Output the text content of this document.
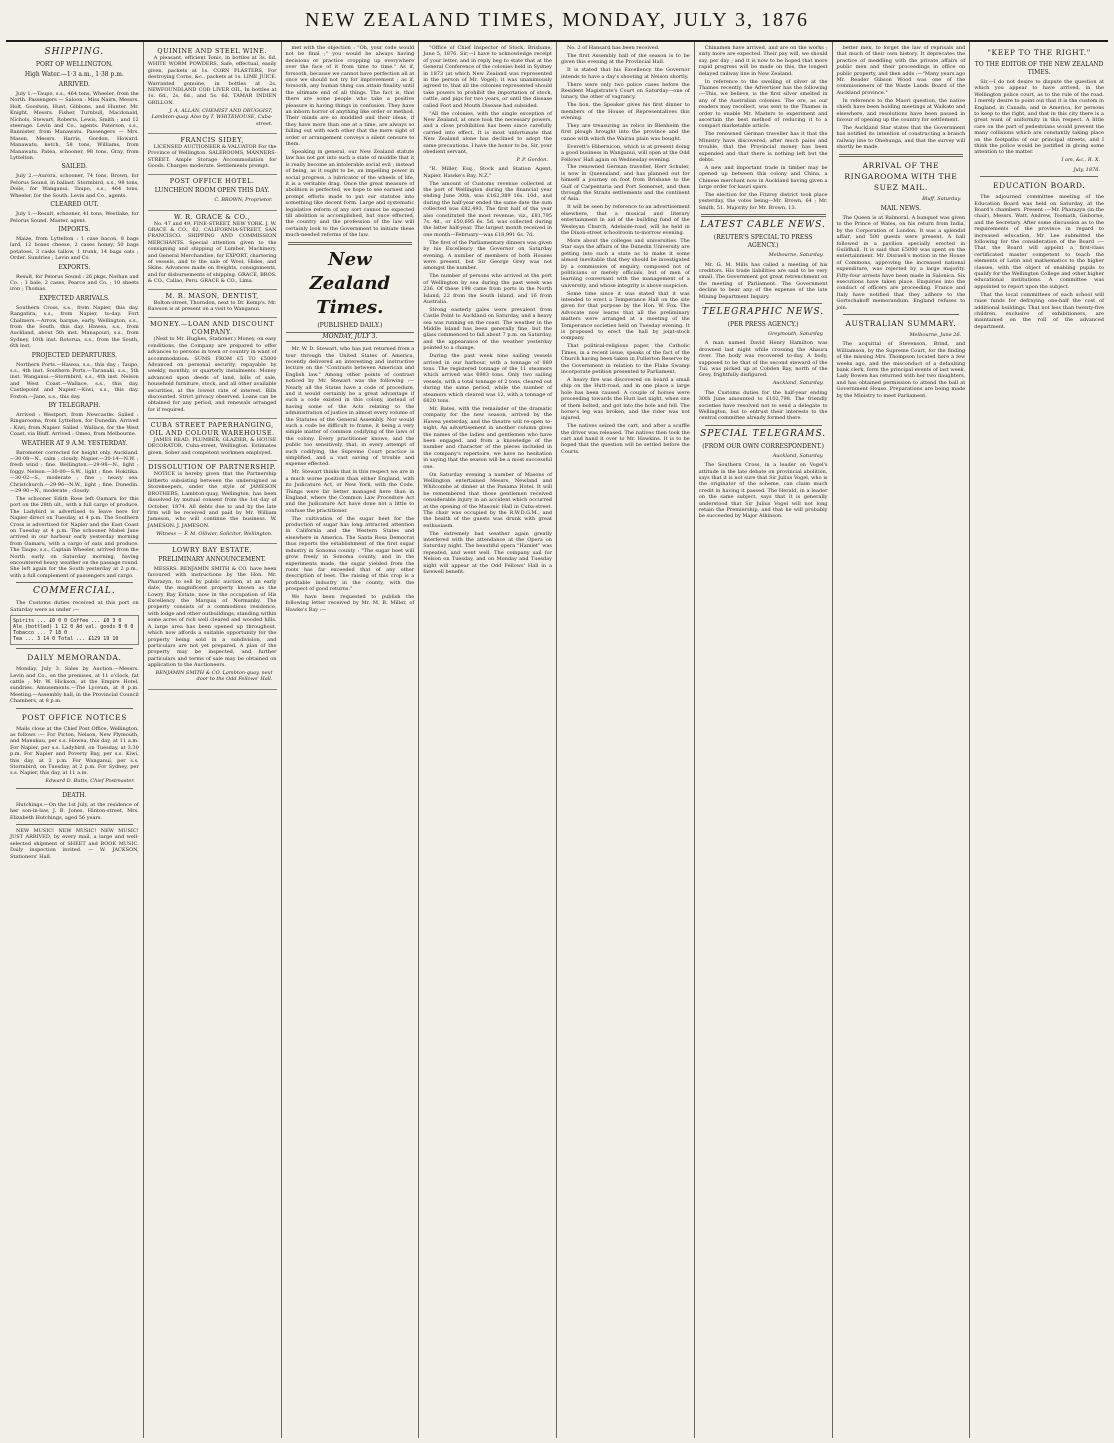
NEW ZEALAND TIMES, MONDAY, JULY 3, 1876
SHIPPING.
PORT OF WELLINGTON.
High Water.—1·3 a.m., 1·38 p.m.
ARRIVED.

July 1.—Taupo, s.s., 464 tons, Wheeler, from the North. Passengers — Saloon : Miss Nairn, Messrs. Holt, Goodwin, Hunt, Gibbons, and Hunter, Mr. Knight, Messrs. Fisher, Turnbull, Macdonald, Nichols, Stewart, Roberts, Lewis, Smith ; and 12 steerage. Levin and Co., agents. Paterson, s.s., Bannister, from Manawatu. Passengers — Mrs. Mason, Messrs. Harris, Gordon, Howard. Manawatu, ketch, 58 tons, Williams, from Manawatu. Patea, schooner, 98 tons, Gray, from Lyttelton.

SAILED.

July 2.—Aurora, schooner, 74 tons, Brown, for Pelorus Sound, in ballast. Stormbird, s.s., 98 tons, Doile, for Wanganui. Taupo, s.s., 464 tons, Wheeler, for the South. Levin and Co., agents.

CLEARED OUT.

July 1.—Result, schooner, 41 tons, Westlake, for Pelorus Sound. Master, agent.

IMPORTS.

Maize, from Lyttelton : 1 case bacon, 8 bags lard, 12 boxes cheese, 2 cases honey, 50 bags potatoes, 3 casks tallow, 1 trunk, 14 bags oats ; Order. Sundries ; Levin and Co.

EXPORTS.

Result, for Pelorus Sound : 26 pkgs. Nathan and Co. ; 1 bale, 2 cases, Pearce and Co. ; 10 sheets iron ; Thomas.

EXPECTED ARRIVALS.

Southern Cross, s.s., from Napier, this day. Rangatira, s.s., from Napier, to-day. Fort Chalmers.—Arrow, barque, early. Wellington, s.s., from the South, this day. Hawea, s.s., from Auckland, about 5th inst. Manapouri, s.s., from Sydney, 10th inst. Rotorua, s.s., from the South, 6th inst.

PROJECTED DEPARTURES.

Northern Ports.—Hawea, s.s., this day ; Taupo, s.s., 4th inst. Southern Ports.—Taranaki, s.s., 5th inst. Wanganui.—Stormbird, s.s., 4th inst. Nelson and West Coast.—Wallace, s.s., this day. Castlepoint and Napier.—Kiwi, s.s., this day. Foxton.—Jane, s.s., this day.

BY TELEGRAPH.

Arrived : Westport, from Newcastle. Sailed : Ringarooma, from Lyttelton, for Dunedin. Arrived : Kiwi, from Napier. Sailed : Wallace, for the West Coast, via Bluff. Arrived : Omeo, from Melbourne.

WEATHER AT 9 A.M. YESTERDAY.

Barometer corrected for height only. Auckland.—30·08—N., calm ; cloudy. Napier.—30·14—N.W. ; fresh wind ; fine. Wellington.—29·98—N., light ; foggy. Nelson.—30·00—S.W., light ; fine. Hokitika.—30·02—S., moderate ; fine ; heavy sea. Christchurch.—29·96—N.W., light ; fine. Dunedin.—29·90—N., moderate ; cloudy.

The schooner Edith Rose left Oamaru for this port on the 28th ult., with a full cargo of produce. The Ladybird is advertised to leave here for Napier direct on Tuesday, at 4 p.m. The Southern Cross is advertised for Napier and the East Coast on Tuesday at 4 p.m. The schooner Mabel Jane arrived in our harbour early yesterday morning from Oamaru, with a cargo of oats and produce. The Taupo, s.s., Captain Wheeler, arrived from the North early on Saturday morning, having encountered heavy weather on the passage round. She left again for the South yesterday at 2 p.m., with a full complement of passengers and cargo.

COMMERCIAL.

The Customs duties received at this port on Saturday were as under :—

Spirits ... £0 0 0 Coffee ... £0 3 0
Ale (bottled) 1 12 0 Ad val. goods 8 0 0
Tobacco ... 7 18 0
Tea ... 3 14 0 Total ... £129 19 10
DAILY MEMORANDA.

Monday, July 3. Sales by Auction.—Messrs. Levin and Co., on the premises, at 11 o'clock, fat cattle ; Mr. W. Hickson, at the Empire Hotel, sundries. Amusements.—The Lyceum, at 8 p.m. Meeting.—Assembly hall, in the Provincial Council Chambers, at 8 p.m.

POST OFFICE NOTICES

Mails close at the Chief Post Office, Wellington, as follows :— For Picton, Nelson, New Plymouth, and Manukau, per s.s. Hawea, this day, at 11 a.m. For Napier, per s.s. Ladybird, on Tuesday, at 3.30 p.m. For Napier and Poverty Bay, per s.s. Kiwi, this day, at 2 p.m. For Wanganui, per s.s. Stormbird, on Tuesday, at 2 p.m. For Sydney, per s.s. Napier, this day, at 11 a.m.

Edward D. Butts, Chief Postmaster.
DEATH.

Hutchings.—On the 1st July, at the residence of her son-in-law, J. B. Jones, Hinton-street, Mrs. Elizabeth Hutchings, aged 56 years.

NEW MUSIC! NEW MUSIC! NEW MUSIC! JUST ARRIVED, by every mail, a large and well-selected shipment of SHEET and BOOK MUSIC. Daily inspection invited. — W. JACKSON, Stationers' Hall.

QUININE AND STEEL WINE.

A pleasant, efficient Tonic, in bottles at 3s. 6d. WHITE WORM POWDERS, Safe, effectual, easily given, packets at 1s. CORN PLASTERS, For destroying Corns, &c., packets at 1s. LIME JUICE. Warranted genuine, in bottles at 2s. NEWFOUNDLAND COD LIVER OIL, In bottles at 1s. 6d., 2s. 6d., and 5s. 6d. TAMAR INDIEN GRILLON.

J. A. ALLAN, CHEMIST AND DRUGGIST, Lambton-quay. Also by T. WHITEHOUSE, Cuba-street.
FRANCIS SIDEY,

LICENSED AUCTIONEER & VALUATOR For the Province of Wellington. SALEROOMS, MANNERS-STREET. Ample Storage Accommodation for Goods. Charges moderate. Settlements prompt.

POST OFFICE HOTEL.
LUNCHEON ROOM OPEN THIS DAY.
C. BROWN, Proprietor.
W. R. GRACE & CO.,

No. 47 and 49, FINE-STREET, NEW YORK. J. W. GRACE & CO., 62, CALIFORNIA-STREET, SAN FRANCISCO. SHIPPING AND COMMISSION MERCHANTS. Special attention given to the consigning and shipping of Lumber, Machinery, and General Merchandise, for EXPORT, chartering of vessels, and to the sale of Wool, Hides, and Skins. Advances made on freights, consignments, and for disbursements of shipping. GRACE, BROS. & CO., Callao, Peru. GRACE & CO., Lima.

M. R. MASON, DENTIST,

Bolton-street, Thorndon, next to Dr. Kemp's. Mr. Rawson is at present on a visit to Wanganui.

MONEY.—LOAN AND DISCOUNT COMPANY.

(Next to Mr. Hughes, Stationer.) Money, on easy conditions, the Company are prepared to offer advances to persons in town or country in want of accommodation. SUMS FROM £5 TO £5000 Advanced on personal security, repayable by weekly, monthly, or quarterly instalments. Money advanced upon deeds of land, bills of sale, household furniture, stock, and all other available securities, at the lowest rate of interest. Bills discounted. Strict privacy observed. Loans can be obtained for any period, and renewals arranged for if required.

CUBA STREET PAPERHANGING, OIL AND COLOUR WAREHOUSE.

JAMES READ, PLUMBER, GLAZIER, & HOUSE DECORATOR, Cuba-street, Wellington. Estimates given. Sober and competent workmen employed.

DISSOLUTION OF PARTNERSHIP.

NOTICE is hereby given that the Partnership hitherto subsisting between the undersigned as Storekeepers, under the style of JAMESON BROTHERS, Lambton-quay, Wellington, has been dissolved by mutual consent from the 1st day of October, 1874. All debts due to and by the late firm will be received and paid by Mr. William Jameson, who will continue the business. W. JAMESON. J. JAMESON.

Witness — F. M. Ollivier, Solicitor, Wellington.
LOWRY BAY ESTATE.
PRELIMINARY ANNOUNCEMENT.

MESSRS. BENJAMIN SMITH & CO. have been favoured with instructions by the Hon. Mr. Pharazyn, to sell by public auction, at an early date, the magnificent property known as the Lowry Bay Estate, now in the occupation of His Excellency the Marquis of Normanby. The property consists of a commodious residence, with lodge and other outbuildings, standing within some acres of rich well cleared and wooded hills. A large area has been opened up throughout, which now affords a suitable opportunity for the property being sold in a subdivision, and particulars are not yet prepared. A plan of the property may be inspected, and further particulars and terms of sale may be obtained on application to the Auctioneers.

BENJAMIN SMITH & CO. Lambton-quay, next door to the Odd Fellows' Hall.

met with the objection : "Oh, your code would not be final ;" you would be always having decisions or practice cropping up everywhere over the face of it from time to time." As if, forsooth, because we cannot have perfection all at once we should not try for improvement ; as if, forsooth, any human thing can attain finality until the ultimate end of all things. The fact is, that there are some people who take a positive pleasure in having things in confusion. They have an inborn horror of anything like order or method. Their minds are so muddled and their ideas, if they have more than one at a time, are always so falling out with each other that the mere sight of order or arrangement conveys a silent censure to them.

Speaking in general, our New Zealand statute law has not got into such a state of muddle that it is really become an intolerable social evil ; instead of being, as it ought to be, an impelling power in social progress, a lubricator of the wheels of life, it is a veritable drag. Once the great measure of abolition is perfected, we hope to see earnest and prompt efforts made to put our statutes into something like decent form. Large and systematic legislative reform of any sort cannot be expected till abolition is accomplished, but once effected, the country and the profession of the law will certainly look to the Government to initiate these much-needed reforms of the law.

New Zealand Times.
(PUBLISHED DAILY.)
MONDAY, JULY 3.

Mr. W. D. Stewart, who has just returned from a tour through the United States of America, recently delivered an interesting and instructive lecture on the "Contrasts between American and English law." Among other points of contrast noticed by Mr. Stewart was the following :—Nearly all the States have a code of procedure, and it would certainly be a great advantage if such a code existed in this colony, instead of having some of the Acts relating to the administration of justice in almost every volume of the Statutes of the General Assembly. Nor would such a code be difficult to frame, it being a very simple matter of common codifying of the laws of the colony. Every practitioner knows, and the public too sensitively, that, in every attempt of such codifying, the Supreme Court practice is simplified, and a vast saving of trouble and expense effected.

Mr. Stewart thinks that in this respect we are in a much worse position than either England, with its Judicature Act, or New York, with the Code. Things were far better managed here than in England, where the Common Law Procedure Act and the Judicature Act have done not a little to confuse the practitioner.

The cultivation of the sugar beet for the production of sugar has long attracted attention in California and the Western States and elsewhere in America. The Santa Rosa Democrat thus reports the establishment of the first sugar industry in Sonoma county : "The sugar beet will grow freely in Sonoma county, and in the experiments made, the sugar yielded from the roots has far exceeded that of any other description of beet. The raising of this crop is a profitable industry in the county, with the prospect of good returns."

We have been requested to publish the following letter received by Mr. M. B. Miller, of Hawke's Bay :—

"Office of Chief Inspector of Stock, Brisbane, June 5, 1876. Sir,—I have to acknowledge receipt of your letter, and in reply beg to state that at the General Conference of the colonies held in Sydney in 1873 (at which New Zealand was represented in the person of Mr. Vogel), it was unanimously agreed to, that all the colonies represented should take powers to prohibit the importation of stock, cattle, and pigs for two years, or until the disease called Foot and Mouth Disease had subsided.

"All the colonies, with the single exception of New Zealand, at once took the necessary powers, and a close prohibition has been since carefully carried into effect. It is most unfortunate that New Zealand alone has declined to adopt the same precautions. I have the honor to be, Sir, your obedient servant,

P. P. Gordon.

"R. Miller, Esq., Stock and Station Agent, Napier, Hawke's Bay, N.Z."

The amount of Customs revenue collected at the port of Wellington during the financial year ending June 30th, was £162,389 16s. 10d., and during the half-year ended the same date the sum collected was £82,493. The first half of the year also constituted the most revenue, viz., £81,795 7s. 4d., or £50,695 6s. 5d. was collected during the latter half-year. The largest month received in one month—February—was £18,991 6s. 7d.

The first of the Parliamentary dinners was given by his Excellency the Governor on Saturday evening. A number of members of both Houses were present, but Sir George Grey was not amongst the number.

The number of persons who arrived at the port of Wellington by sea during the past week was 236. Of these 198 came from ports in the North Island, 22 from the South Island, and 16 from Australia.

Strong easterly gales were prevalent from Castle Point to Auckland on Saturday, and a heavy sea was running on the coast. The weather in the Middle Island has been generally fine, but the glass commenced to fall about 7 p.m. on Saturday, and the appearance of the weather yesterday pointed to a change.

During the past week nine sailing vessels arrived in our harbour, with a tonnage of 889 tons. The registered tonnage of the 11 steamers which arrived was 6983 tons. Only two sailing vessels, with a total tonnage of 2 tons, cleared out during the same period, while the number of steamers which cleared was 12, with a tonnage of 6820 tons.

Mr. Bates, with the remainder of the dramatic company for the new season, arrived by the Hawea yesterday, and the theatre will re-open to-night. An advertisement in another column gives the names of the ladies and gentlemen who have been engaged, and from a knowledge of the number and character of the pieces included in the company's repertoire, we have no hesitation in saying that the season will be a most successful one.

On Saturday evening a number of Masons of Wellington entertained Messrs. Newland and Whitcombe at dinner at the Panama Hotel. It will be remembered that those gentlemen received considerable injury in an accident which occurred at the opening of the Masonic Hall in Cuba-street. The chair was occupied by the R.W.D.G.M., and the health of the guests was drunk with great enthusiasm.

The extremely bad weather again greatly interfered with the attendance at the Opera on Saturday night. The beautiful opera "Hamlet" was repeated, and went well. The company sail for Nelson on Tuesday, and on Monday and Tuesday night will appear at the Odd Fellows' Hall in a farewell benefit.

No. 2 of Hansard has been received.

The first Assembly ball of the season is to be given this evening at the Provincial Hall.

It is stated that his Excellency the Governor intends to have a day's shooting at Nelson shortly.

There were only two police cases before the Resident Magistrate's Court on Saturday—one of lunacy, the other of vagrancy.

The hon. the Speaker gives his first dinner to members of the House of Representatives this evening.

They are treasuring as relics in Blenheim the first plough brought into the province and the canoe with which the Wairau plain was bought.

Everett's Hibernicon, which is at present doing a good business in Wanganui, will open at the Odd Fellows' Hall again on Wednesday evening.

The renowned German traveller, Herr Schuler, is now in Queensland, and has planned out for himself a journey on foot from Brisbane to the Gulf of Carpentaria and Port Somerset, and then through the Straits settlements and the continent of Asia.

It will be seen by reference to an advertisement elsewhere, that a musical and literary entertainment in aid of the building fund of the Wesleyan Church, Adelaide-road, will be held in the Dixon-street schoolroom to-morrow evening.

More about the colleges and universities. The Star says the affairs of the Dunedin University are getting into such a state as to make it some almost inevitable that they should be investigated by a commission of enquiry, composed not of politicians or merely officials, but of men of learning conversant with the management of a university, and whose integrity is above suspicion.

Some time since it was stated that it was intended to erect a Temperance Hall on the site given for that purpose by the Hon. W. Fox. The Advocate now learns that all the preliminary matters were arranged at a meeting of the Temperance societies held on Tuesday evening. It is proposed to erect the hall by joint-stock company.

That political-religious paper, the Catholic Times, in a recent issue, speaks of the fact of the Church having been taken in Fullerton Reserve by the Government in relation to the Flake Swamp incorporate petition presented to Parliament.

A heavy fire was discovered on board a small ship on the Hutt-road, and in one place a large hole has been caused. A couple of horses were proceeding towards the Hutt last night, when one of them bolted, and got into the hole and fell. The horse's leg was broken, and the rider was not injured.

The natives seized the cart, and after a scuffle the driver was released. The natives then took the cart and hand it over to Mr. Hawkins. It is to be hoped that the question will be settled before the Courts.

Chinamen have arrived, and are on the works ; sixty more are expected. Their pay will, we should say, per day ; and it is now to be hoped that more rapid progress will be made on this, the longest delayed railway line in New Zealand.

In reference to the swelling of silver at the Thames recently, the Advertiser has the following :—This, we believe, is the first silver smelted in any of the Australian colonies. The ore, as our readers may recollect, was sent to the Thames in order to enable Mr. Masters to experiment and ascertain the best method of reducing it to a compact marketable article.

The renowned German traveller has it that the Ministry have discovered, after much pains and trouble, that the Provincial money has been expended and that there is nothing left but the debts.

A new and important trade in timber may be opened up between this colony and China, a Chinese merchant now in Auckland having given a large order for kauri spars.

The election for the Fitzroy district took place yesterday, the votes being—Mr. Brown, 64 ; Mr. Smith, 51. Majority for Mr. Brown, 13.

LATEST CABLE NEWS.
(REUTER'S SPECIAL TO PRESS AGENCY.)
Melbourne, Saturday.

Mr. G. M. Mills has called a meeting of his creditors. His trade liabilities are said to be very small. The Government got great retrenchment on the meeting of Parliament. The Government decline to bear any of the expense of the late Mining Department Inquiry.

TELEGRAPHIC NEWS.
(PER PRESS AGENCY.)
Greymouth, Saturday.

A man named David Henry Hamilton was drowned last night while crossing the Ahaura river. The body was recovered to-day. A body, supposed to be that of the second steward of the Tui, was picked up at Cobden Bay, north of the Grey, frightfully disfigured.

Auckland, Saturday.

The Customs duties for the half-year ending 30th June amounted to £102,798. The friendly societies have resolved not to send a delegate to Wellington, but to entrust their interests to the central committee already formed there.

SPECIAL TELEGRAMS.
(FROM OUR OWN CORRESPONDENT.)
Auckland, Saturday.

The Southern Cross, in a leader on Vogel's attitude in the late debate on provincial abolition, says that it is not sure that Sir Julius Vogel, who is the originator of the scheme, can claim much credit in having it passed. The Herald, in a leader on the same subject, says that it is generally understood that Sir Julius Vogel will not long retain the Premiership, and that he will probably be succeeded by Major Atkinson.

better men, to forget the law of reprisals and that much of their own history. It deprecates the practice of meddling with the private affairs of public men and their proceedings in office on public property, and then adds :—"Many years ago Mr. Reader Gibson Wood was one of the commissioners of the Waste Lands Board of the Auckland province."

In reference to the Maori question, the native chiefs have been holding meetings at Waikato and elsewhere, and resolutions have been passed in favour of opening up the country for settlement.

The Auckland Star states that the Government has notified its intention of constructing a branch railway line to Onehunga, and that the survey will shortly be made.

ARRIVAL OF THE RINGAROOMA WITH THE SUEZ MAIL.
Bluff, Saturday.
MAIL NEWS.

The Queen is at Balmoral. A banquet was given to the Prince of Wales, on his return from India, by the Corporation of London. It was a splendid affair, and 500 guests were present. A ball followed in a pavilion specially erected in Guildhall. It is said that £5000 was spent on the entertainment. Mr. Disraeli's motion in the House of Commons, approving the increased national expenditure, was rejected by a large majority. Fifty-four arrests have been made in Salonica. Six executions have taken place. Enquiries into the conduct of officers are proceeding. France and Italy have notified that they adhere to the Gortschakoff memorandum. England refuses to join.

AUSTRALIAN SUMMARY.
Melbourne, June 26.

The acquittal of Stevenson, Brind, and Williamson, by the Supreme Court, for the finding of the missing Mrs. Thompson located here a few weeks ago, and the misconduct of a defaulting bank clerk, form the principal events of last week. Lady Bowen has returned with her two daughters, and has obtained permission to attend the ball at Government House. Preparations are being made by the Ministry to meet Parliament.

"KEEP TO THE RIGHT."
TO THE EDITOR OF THE NEW ZEALAND TIMES.

Sir,—I do not desire to dispute the question at which you appear to have arrived, in the Wellington police court, as to the rule of the road. I merely desire to point out that it is the custom in England, in Canada, and in America, for persons to keep to the right, and that in this city there is a great want of uniformity in this respect. A little care on the part of pedestrians would prevent the many collisions which are constantly taking place on the footpaths of our principal streets, and I think the police would be justified in giving some attention to the matter.

I am, &c., R. X.
July, 1876.
EDUCATION BOARD.

The adjourned committee meeting of the Education Board was held on Saturday, at the Board's chambers. Present :—Mr. Pharazyn (in the chair), Messrs. Watt, Andrew, Toomath, Gisborne, and the Secretary. After some discussion as to the requirements of the province in regard to increased education, Mr. Lee submitted the following for the consideration of the Board :—That the Board will appoint a first-class certificated master competent to teach the elements of Latin and mathematics to the higher classes, with the object of enabling pupils to qualify for the Wellington College and other higher educational institutions. A committee was appointed to report upon the subject.

That the local committees of each school will raise funds for defraying one-half the cost of additional buildings. That not less than twenty-five children, exclusive of exhibitioners, are maintained on the roll of the advanced department.
